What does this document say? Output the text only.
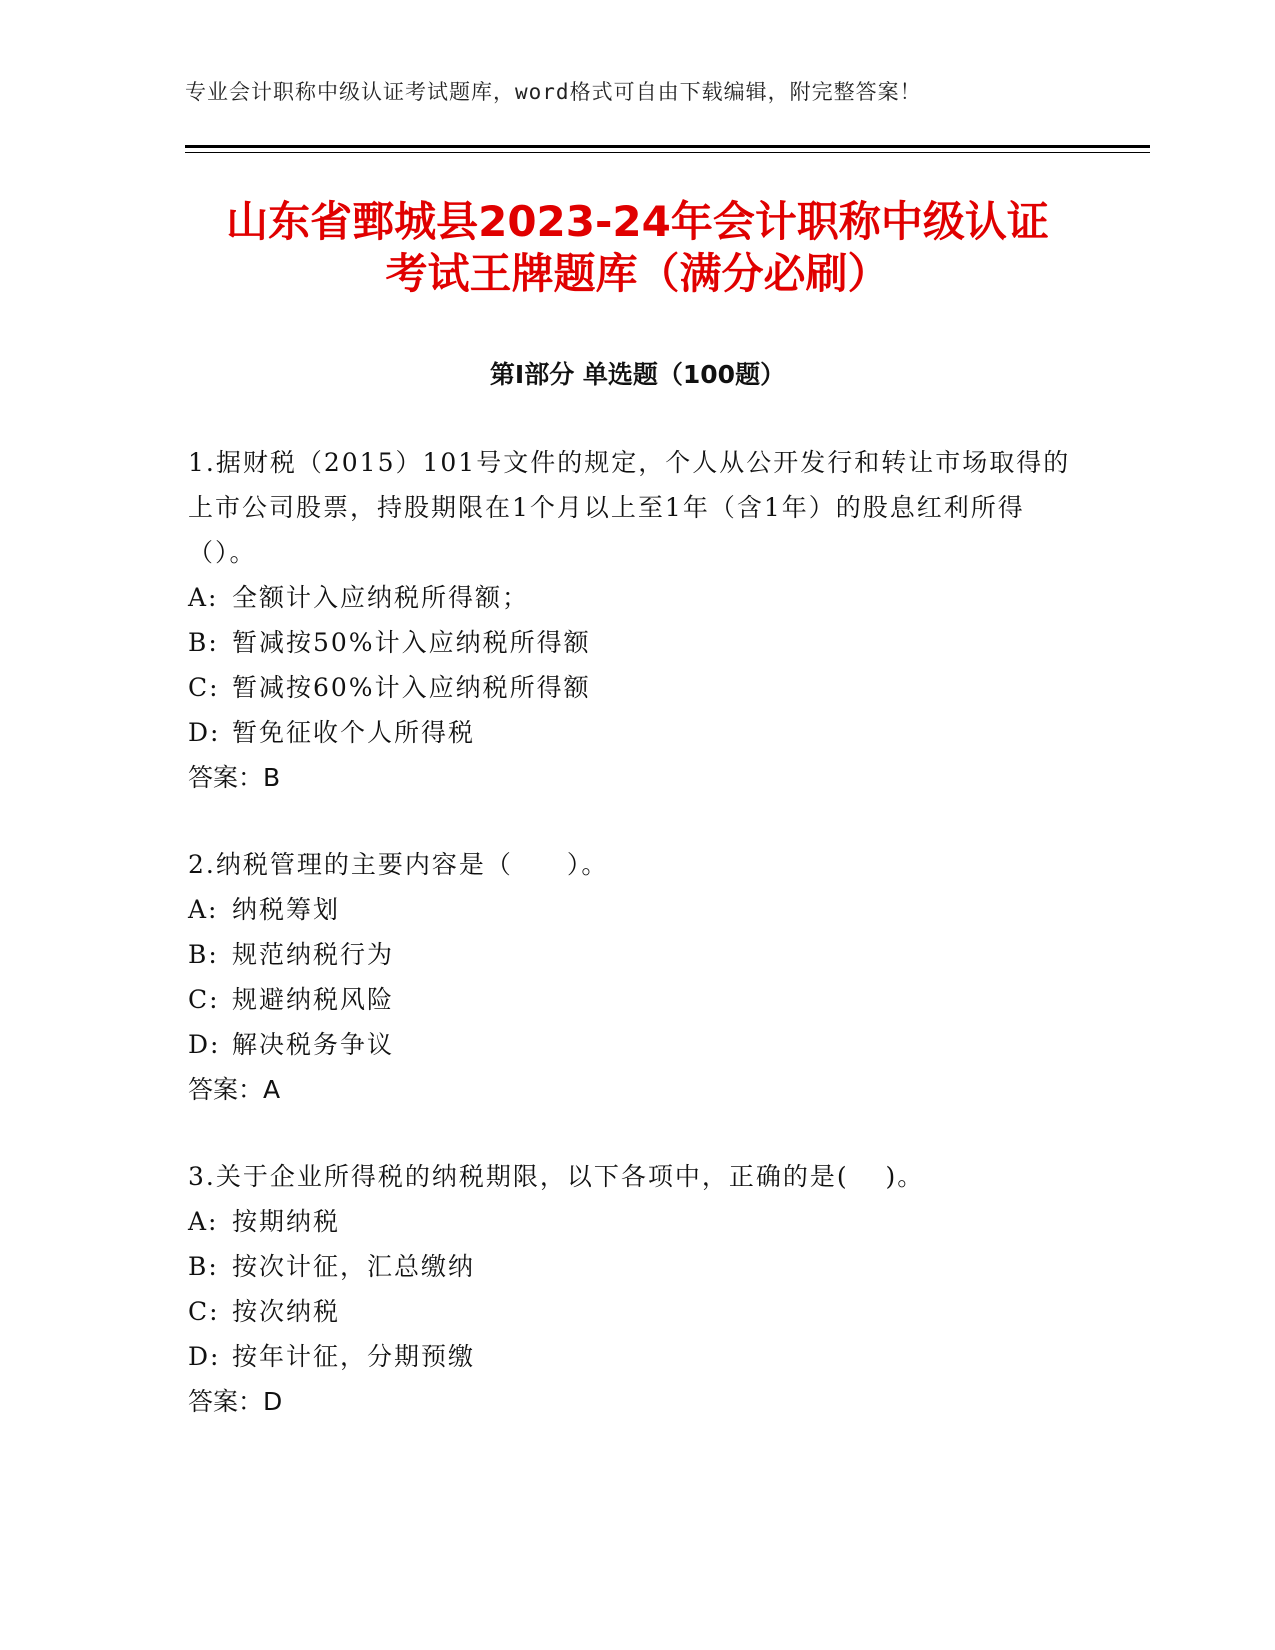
专业会计职称中级认证考试题库，word格式可自由下载编辑，附完整答案！
山东省鄄城县2023-24年会计职称中级认证
考试王牌题库（满分必刷）
第Ⅰ部分 单选题（100题）

1.据财税（2015）101号文件的规定，个人从公开发行和转让市场取得的上市公司股票，持股期限在1个月以上至1年（含1年）的股息红利所得（）。

A: 全额计入应纳税所得额；
B: 暂减按50%计入应纳税所得额
C: 暂减按60%计入应纳税所得额
D: 暂免征收个人所得税
答案：B

2.纳税管理的主要内容是（　　）。

A: 纳税筹划
B: 规范纳税行为
C: 规避纳税风险
D: 解决税务争议
答案：A

3.关于企业所得税的纳税期限，以下各项中，正确的是(　 )。

A: 按期纳税
B: 按次计征，汇总缴纳
C: 按次纳税
D: 按年计征，分期预缴
答案：D
